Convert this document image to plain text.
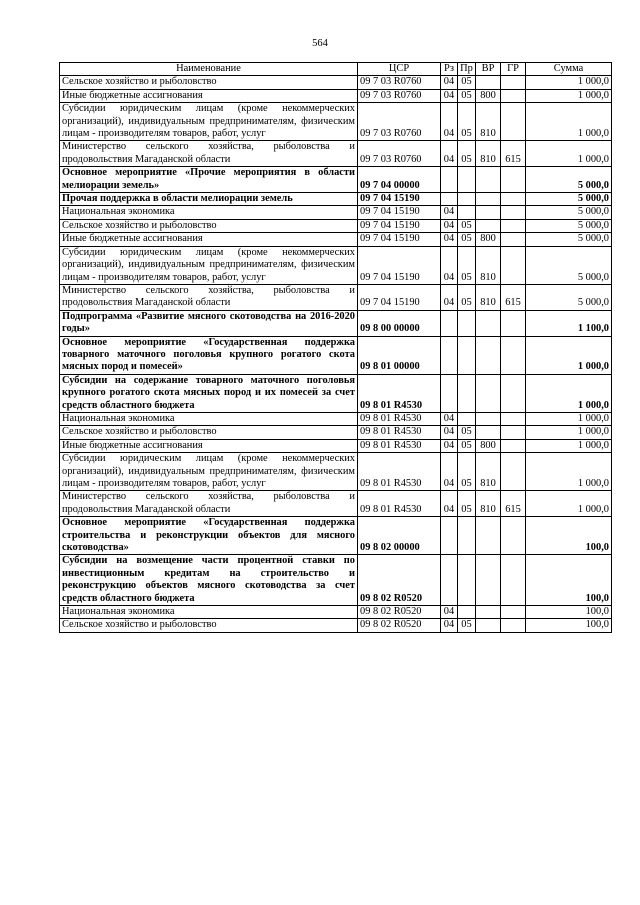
564
Наименование	ЦСР	Рз	Пр	ВР	ГР	Сумма
Сельское хозяйство и рыболовство	09 7 03 R0760	04	05			1 000,0
Иные бюджетные ассигнования	09 7 03 R0760	04	05	800		1 000,0
Субсидии юридическим лицам (кроме некоммерческих организаций), индивидуальным предпринимателям, физическим лицам - производителям товаров, работ, услуг	09 7 03 R0760	04	05	810		1 000,0
Министерство сельского хозяйства, рыболовства и продовольствия Магаданской области	09 7 03 R0760	04	05	810	615	1 000,0
Основное мероприятие «Прочие мероприятия в области мелиорации земель»	09 7 04 00000					5 000,0
Прочая поддержка в области мелиорации земель	09 7 04 15190					5 000,0
Национальная экономика	09 7 04 15190	04				5 000,0
Сельское хозяйство и рыболовство	09 7 04 15190	04	05			5 000,0
Иные бюджетные ассигнования	09 7 04 15190	04	05	800		5 000,0
Субсидии юридическим лицам (кроме некоммерческих организаций), индивидуальным предпринимателям, физическим лицам - производителям товаров, работ, услуг	09 7 04 15190	04	05	810		5 000,0
Министерство сельского хозяйства, рыболовства и продовольствия Магаданской области	09 7 04 15190	04	05	810	615	5 000,0
Подпрограмма «Развитие мясного скотоводства на 2016-2020 годы»	09 8 00 00000					1 100,0
Основное мероприятие «Государственная поддержка товарного маточного поголовья крупного рогатого скота мясных пород и помесей»	09 8 01 00000					1 000,0
Субсидии на содержание товарного маточного поголовья крупного рогатого скота мясных пород и их помесей за счет средств областного бюджета	09 8 01 R4530					1 000,0
Национальная экономика	09 8 01 R4530	04				1 000,0
Сельское хозяйство и рыболовство	09 8 01 R4530	04	05			1 000,0
Иные бюджетные ассигнования	09 8 01 R4530	04	05	800		1 000,0
Субсидии юридическим лицам (кроме некоммерческих организаций), индивидуальным предпринимателям, физическим лицам - производителям товаров, работ, услуг	09 8 01 R4530	04	05	810		1 000,0
Министерство сельского хозяйства, рыболовства и продовольствия Магаданской области	09 8 01 R4530	04	05	810	615	1 000,0
Основное мероприятие «Государственная поддержка строительства и реконструкции объектов для мясного скотоводства»	09 8 02 00000					100,0
Субсидии на возмещение части процентной ставки по инвестиционным кредитам на строительство и реконструкцию объектов мясного скотоводства за счет средств областного бюджета	09 8 02 R0520					100,0
Национальная экономика	09 8 02 R0520	04				100,0
Сельское хозяйство и рыболовство	09 8 02 R0520	04	05			100,0
